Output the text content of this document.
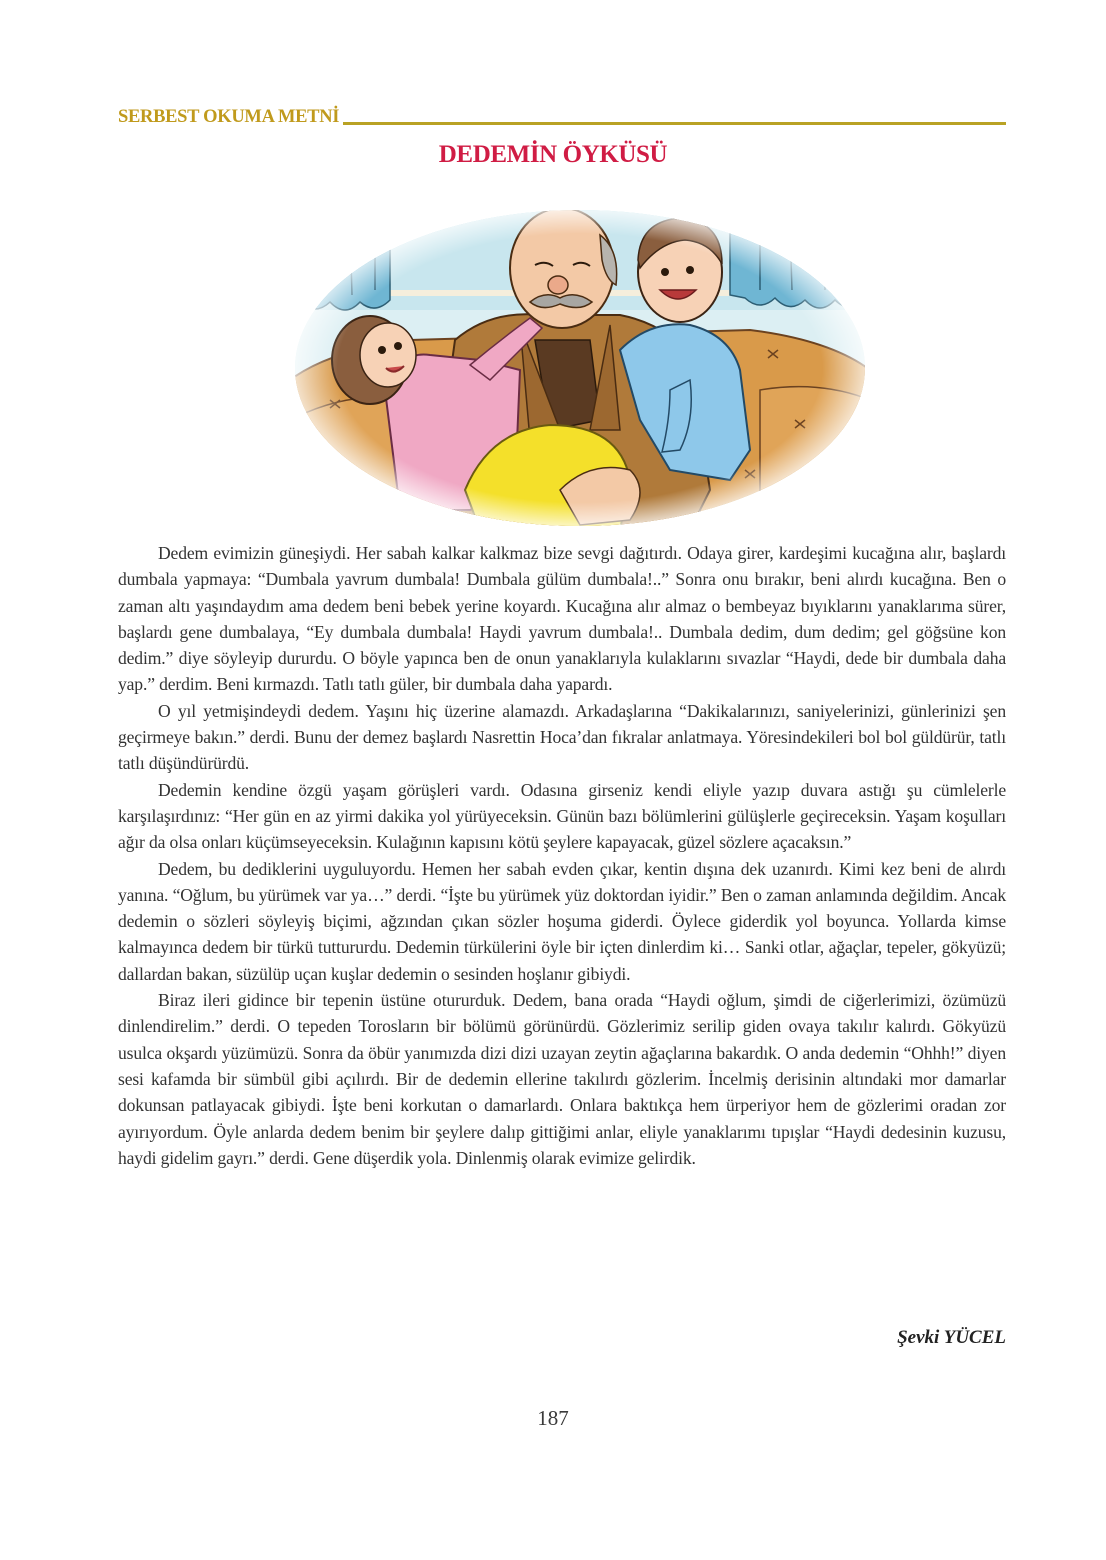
SERBEST OKUMA METNİ
DEDEMİN ÖYKÜSÜ

Dedem evimizin güneşiydi. Her sabah kalkar kalkmaz bize sevgi dağıtırdı. Odaya girer, kardeşimi kucağına alır, başlardı dumbala yapmaya: “Dumbala yavrum dumbala! Dumbala gülüm dumbala!..” Sonra onu bırakır, beni alırdı kucağına. Ben o zaman altı yaşındaydım ama dedem beni bebek yerine koyardı. Kucağına alır almaz o bembeyaz bıyıklarını yanaklarıma sürer, başlardı gene dumbalaya, “Ey dumbala dumbala! Haydi yavrum dumbala!.. Dumbala dedim, dum dedim; gel göğsüne kon dedim.” diye söyleyip dururdu. O böyle yapınca ben de onun yanaklarıyla kulaklarını sıvazlar “Haydi, dede bir dumbala daha yap.” derdim. Beni kırmazdı. Tatlı tatlı güler, bir dumbala daha yapardı.

O yıl yetmişindeydi dedem. Yaşını hiç üzerine alamazdı. Arkadaşlarına “Dakikalarınızı, saniyelerinizi, günlerinizi şen geçirmeye bakın.” derdi. Bunu der demez başlardı Nasrettin Hoca’dan fıkralar anlatmaya. Yöresindekileri bol bol güldürür, tatlı tatlı düşündürürdü.

Dedemin kendine özgü yaşam görüşleri vardı. Odasına girseniz kendi eliyle yazıp duvara astığı şu cümlelerle karşılaşırdınız: “Her gün en az yirmi dakika yol yürüyeceksin. Günün bazı bölümlerini gülüşlerle geçireceksin. Yaşam koşulları ağır da olsa onları küçümseyeceksin. Kulağının kapısını kötü şeylere kapayacak, güzel sözlere açacaksın.”

Dedem, bu dediklerini uyguluyordu. Hemen her sabah evden çıkar, kentin dışına dek uzanırdı. Kimi kez beni de alırdı yanına. “Oğlum, bu yürümek var ya…” derdi. “İşte bu yürümek yüz doktordan iyidir.” Ben o zaman anlamında değildim. Ancak dedemin o sözleri söyleyiş biçimi, ağzından çıkan sözler hoşuma giderdi. Öylece giderdik yol boyunca. Yollarda kimse kalmayınca dedem bir türkü tuttururdu. Dedemin türkülerini öyle bir içten dinlerdim ki… Sanki otlar, ağaçlar, tepeler, gökyüzü; dallardan bakan, süzülüp uçan kuşlar dedemin o sesinden hoşlanır gibiydi.

Biraz ileri gidince bir tepenin üstüne otururduk. Dedem, bana orada “Haydi oğlum, şimdi de ciğerlerimizi, özümüzü dinlendirelim.” derdi. O tepeden Torosların bir bölümü görünürdü. Gözlerimiz serilip giden ovaya takılır kalırdı. Gökyüzü usulca okşardı yüzümüzü. Sonra da öbür yanımızda dizi dizi uzayan zeytin ağaçlarına bakardık. O anda dedemin “Ohhh!” diyen sesi kafamda bir sümbül gibi açılırdı. Bir de dedemin ellerine takılırdı gözlerim. İncelmiş derisinin altındaki mor damarlar dokunsan patlayacak gibiydi. İşte beni korkutan o damarlardı. Onlara baktıkça hem ürperiyor hem de gözlerimi oradan zor ayırıyordum. Öyle anlarda dedem benim bir şeylere dalıp gittiğimi anlar, eliyle yanaklarımı tıpışlar “Haydi dedesinin kuzusu, haydi gidelim gayrı.” derdi. Gene düşerdik yola. Dinlenmiş olarak evimize gelirdik.

Şevki YÜCEL
187
